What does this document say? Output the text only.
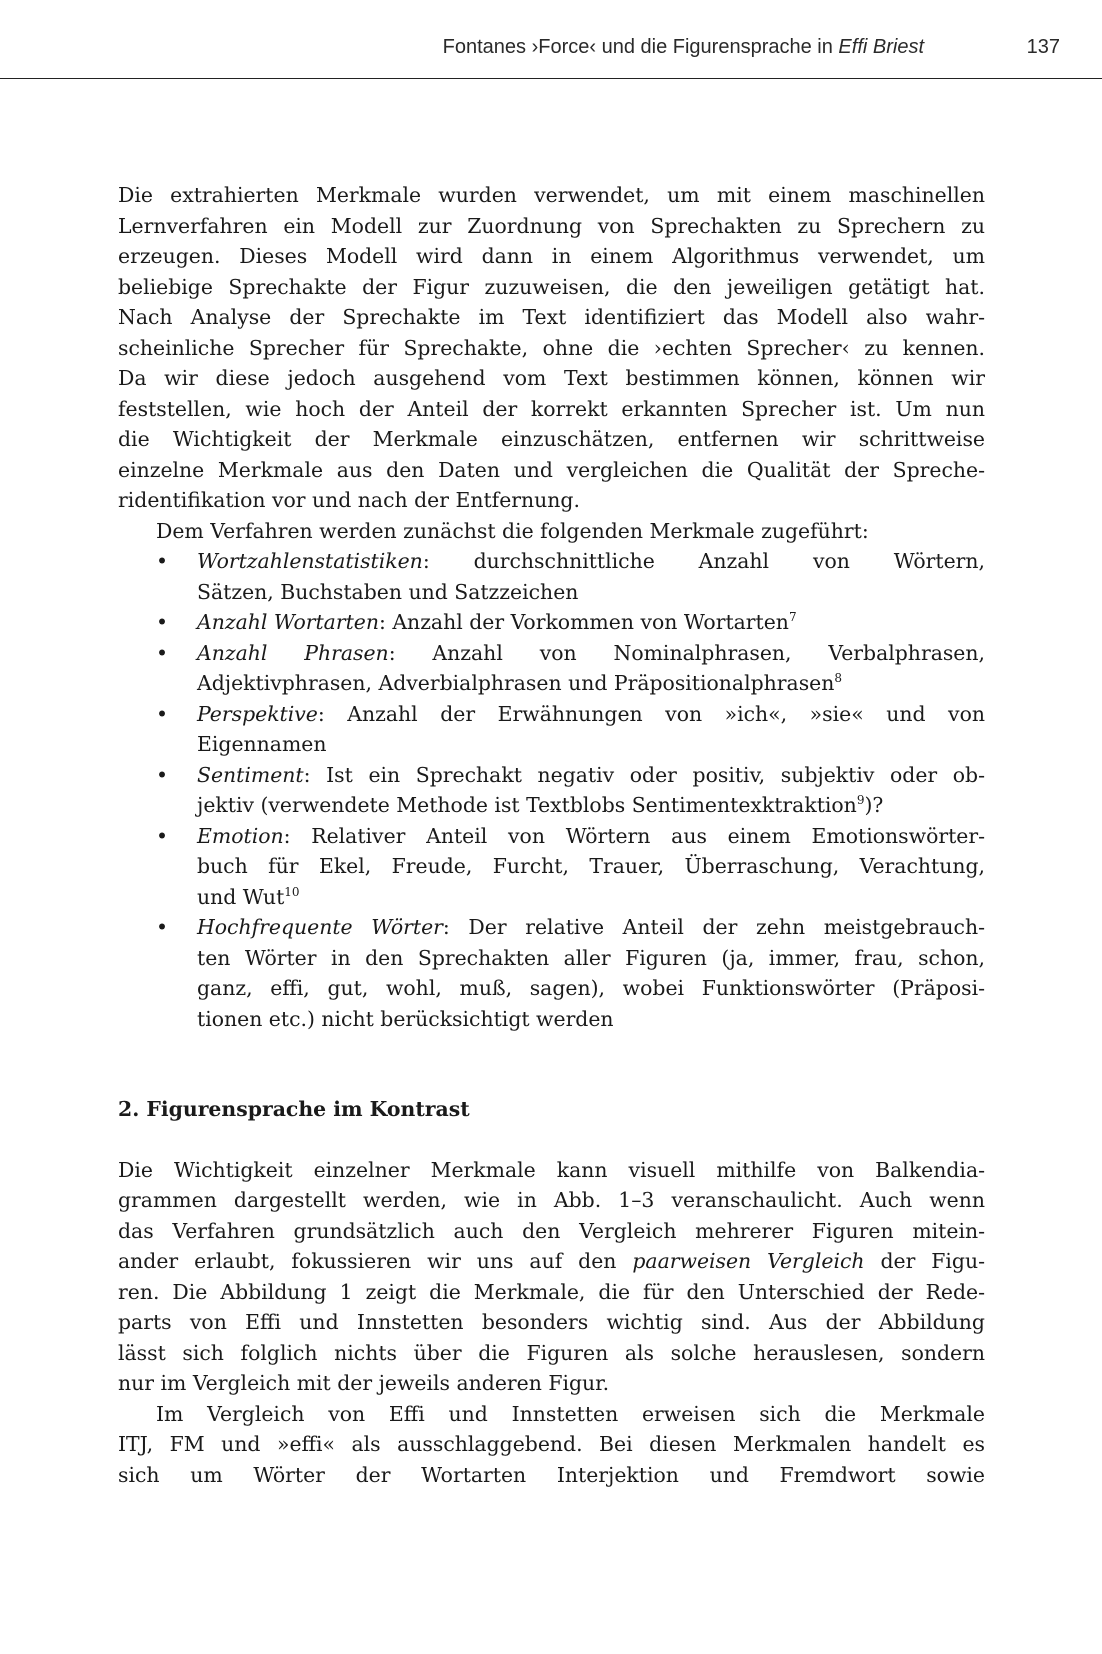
Fontanes ›Force‹ und die Figurensprache in Effi Briest	137
Die extrahierten Merkmale wurden verwendet, um mit einem maschinellen
Lernverfahren ein Modell zur Zuordnung von Sprechakten zu Sprechern zu
erzeugen. Dieses Modell wird dann in einem Algorithmus verwendet, um
beliebige Sprechakte der Figur zuzuweisen, die den jeweiligen getätigt hat.
Nach Analyse der Sprechakte im Text identifiziert das Modell also wahr-
scheinliche Sprecher für Sprechakte, ohne die ›echten Sprecher‹ zu kennen.
Da wir diese jedoch ausgehend vom Text bestimmen können, können wir
feststellen, wie hoch der Anteil der korrekt erkannten Sprecher ist. Um nun
die Wichtigkeit der Merkmale einzuschätzen, entfernen wir schrittweise
einzelne Merkmale aus den Daten und vergleichen die Qualität der Spreche-
ridentifikation vor und nach der Entfernung.
Dem Verfahren werden zunächst die folgenden Merkmale zugeführt:
• Wortzahlenstatistiken: durchschnittliche Anzahl von Wörtern,
Sätzen, Buchstaben und Satzzeichen
• Anzahl Wortarten: Anzahl der Vorkommen von Wortarten$^7$
• Anzahl Phrasen: Anzahl von Nominalphrasen, Verbalphrasen,
Adjektivphrasen, Adverbialphrasen und Präpositionalphrasen$^8$
• Perspektive: Anzahl der Erwähnungen von »ich«, »sie« und von
Eigennamen
• Sentiment: Ist ein Sprechakt negativ oder positiv, subjektiv oder ob-
jektiv (verwendete Methode ist Textblobs Sentimentexktraktion$^9$)?
• Emotion: Relativer Anteil von Wörtern aus einem Emotionswörter-
buch für Ekel, Freude, Furcht, Trauer, Überraschung, Verachtung,
und Wut$^{10}$
• Hochfrequente Wörter: Der relative Anteil der zehn meistgebrauch-
ten Wörter in den Sprechakten aller Figuren (ja, immer, frau, schon,
ganz, effi, gut, wohl, muß, sagen), wobei Funktionswörter (Präposi-
tionen etc.) nicht berücksichtigt werden
2. Figurensprache im Kontrast
Die Wichtigkeit einzelner Merkmale kann visuell mithilfe von Balkendia-
grammen dargestellt werden, wie in Abb. 1–3 veranschaulicht. Auch wenn
das Verfahren grundsätzlich auch den Vergleich mehrerer Figuren mitein-
ander erlaubt, fokussieren wir uns auf den paarweisen Vergleich der Figu-
ren. Die Abbildung 1 zeigt die Merkmale, die für den Unterschied der Rede-
parts von Effi und Innstetten besonders wichtig sind. Aus der Abbildung
lässt sich folglich nichts über die Figuren als solche herauslesen, sondern
nur im Vergleich mit der jeweils anderen Figur.
Im Vergleich von Effi und Innstetten erweisen sich die Merkmale
ITJ, FM und »effi« als ausschlaggebend. Bei diesen Merkmalen handelt es
sich um Wörter der Wortarten Interjektion und Fremdwort sowie
